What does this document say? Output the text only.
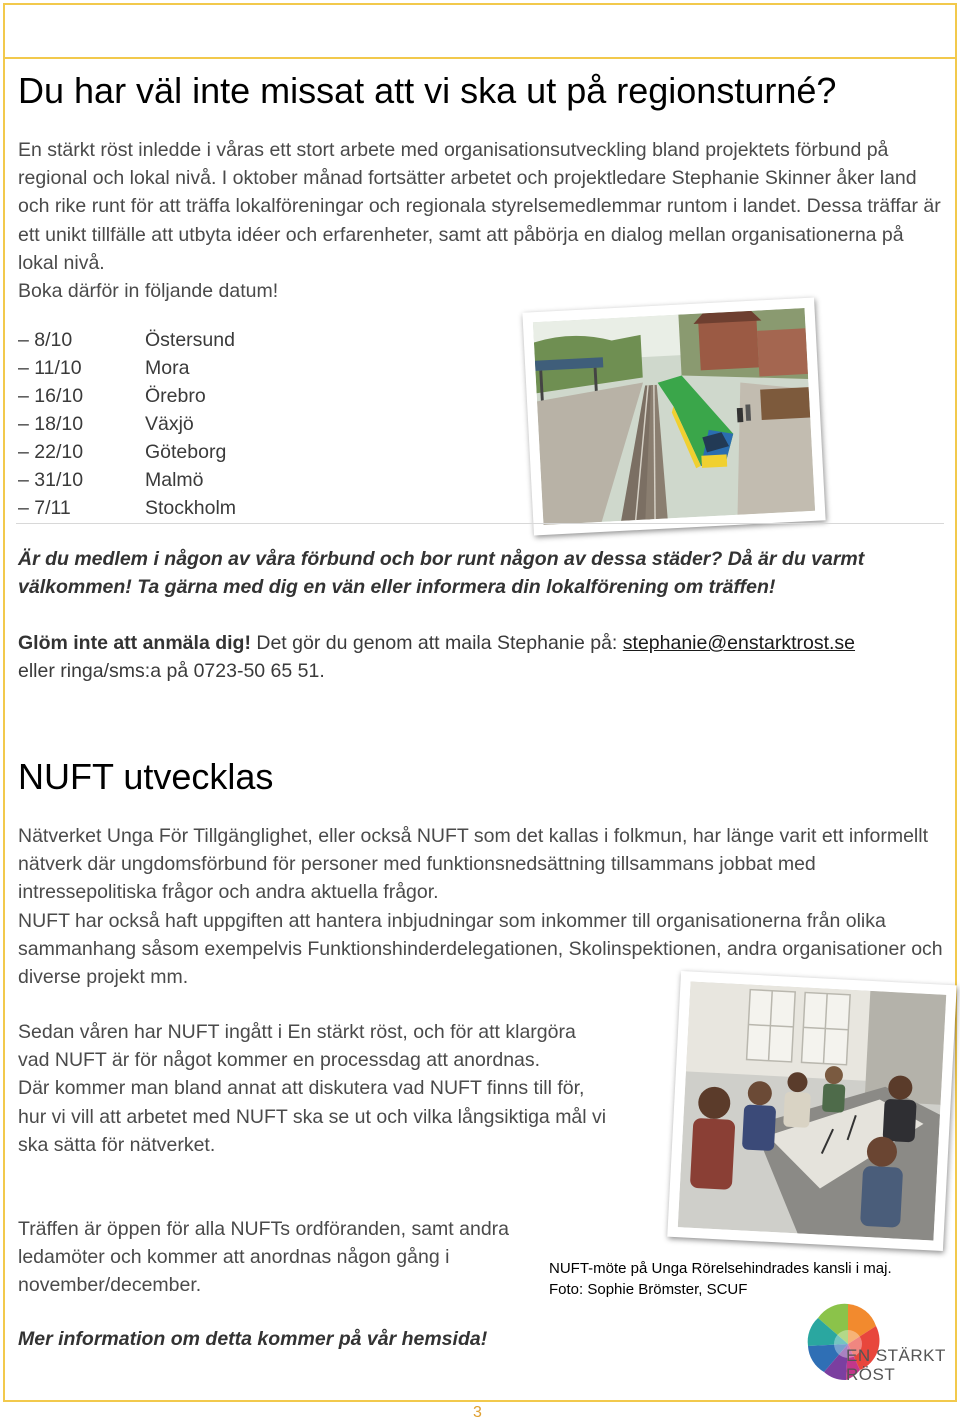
Du har väl inte missat att vi ska ut på regionsturné?

En stärkt röst inledde i våras ett stort arbete med organisationsutveckling bland projektets förbund på regional och lokal nivå. I oktober månad fortsätter arbetet och projektledare Stephanie Skinner åker land och rike runt för att träffa lokalföreningar och regionala styrelsemedlemmar runtom i landet. Dessa träffar är ett unikt tillfälle att utbyta idéer och erfarenheter, samt att påbörja en dialog mellan organisationerna på lokal nivå.

Boka därför in följande datum!

– 8/10	Östersund
– 11/10	Mora
– 16/10	Örebro
– 18/10	Växjö
– 22/10	Göteborg
– 31/10	Malmö
– 7/11	Stockholm

Är du medlem i någon av våra förbund och bor runt någon av dessa städer? Då är du varmt välkommen! Ta gärna med dig en vän eller informera din lokalförening om träffen!

Glöm inte att anmäla dig! Det gör du genom att maila Stephanie på: stephanie@enstarktrost.se
eller ringa/sms:a på 0723-50 65 51.

NUFT utvecklas

Nätverket Unga För Tillgänglighet, eller också NUFT som det kallas i folkmun, har länge varit ett informellt nätverk där ungdomsförbund för personer med funktionsnedsättning tillsammans jobbat med intressepolitiska frågor och andra aktuella frågor.

NUFT har också haft uppgiften att hantera inbjudningar som inkommer till organisationerna från olika sammanhang såsom exempelvis Funktionshinderdelegationen, Skolinspektionen, andra organisationer och diverse projekt mm.

Sedan våren har NUFT ingått i En stärkt röst, och för att klargöra vad NUFT är för något kommer en processdag att anordnas.

Där kommer man bland annat att diskutera vad NUFT finns till för, hur vi vill att arbetet med NUFT ska se ut och vilka långsiktiga mål vi ska sätta för nätverket.

Träffen är öppen för alla NUFTs ordföranden, samt andra ledamöter och kommer att anordnas någon gång i november/december.

NUFT-möte på Unga Rörelsehindrades kansli i maj.
Foto: Sophie Brömster, SCUF

Mer information om detta kommer på vår hemsida!

EN STÄRKT
RÖST
3
